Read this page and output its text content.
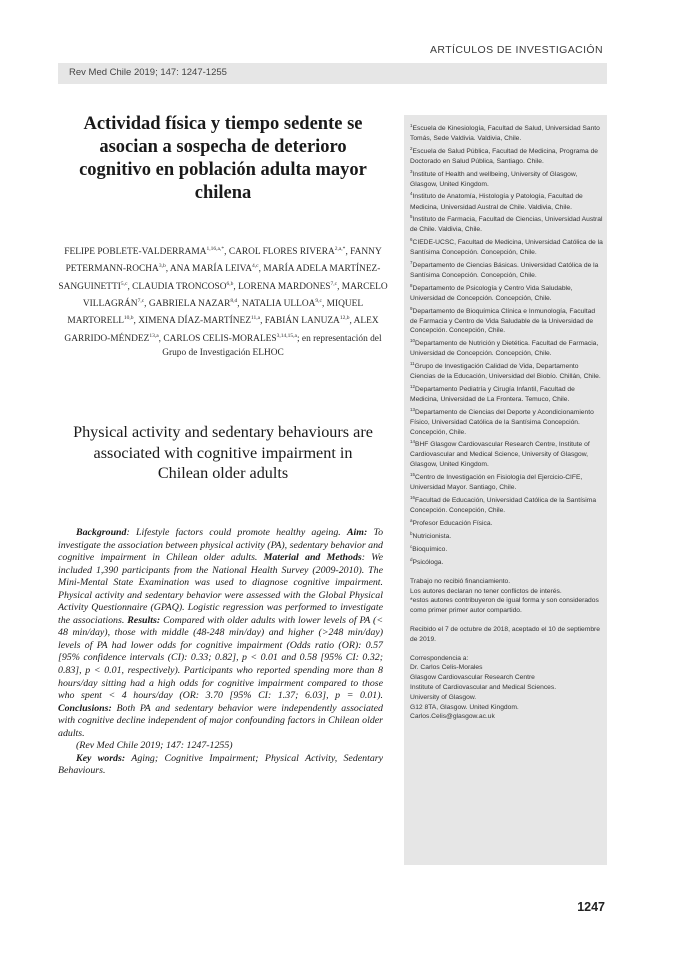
ARTÍCULOS DE INVESTIGACIÓN
Rev Med Chile 2019; 147: 1247-1255
Actividad física y tiempo sedente se asocian a sospecha de deterioro cognitivo en población adulta mayor chilena
FELIPE POBLETE-$VALDERRAMA^{1,16,a,*}$, CAROL FLORES $RIVERA^{2,a,*}$, FANNY PETERMANN-ROCHA$^{3,b}$, ANA MARÍA LEIVA$^{4,c}$, MARÍA ADELA MARTÍNEZ-SANGUINETTI$^{5,c}$, CLAUDIA TRONCOSO$^{6,b}$, LORENA MARDONES$^{7,c}$, MARCELO VILLAGRÁN$^{7,c}$, GABRIELA NAZAR$^{8,d}$, NATALIA ULLOA$^{9,c}$, MIQUEL MARTORELL$^{10,b}$, XIMENA DÍAZ-MARTÍNEZ$^{11,a}$, FABIÁN LANUZA$^{12,b}$, ALEX GARRIDO-MÉNDEZ$^{13,a}$, CARLOS CELIS-MORALES$^{3,14,15,a}$; en representación del Grupo de Investigación ELHOC
Physical activity and sedentary behaviours are associated with cognitive impairment in Chilean older adults

Background: Lifestyle factors could promote healthy ageing. Aim: To investigate the association between physical activity (PA), sedentary behavior and cognitive impairment in Chilean older adults. Material and Methods: We included 1,390 participants from the National Health Survey (2009-2010). The Mini-Mental State Examination was used to diagnose cognitive impairment. Physical activity and sedentary behavior were assessed with the Global Physical Activity Questionnaire (GPAQ). Logistic regression was performed to investigate the associations. Results: Compared with older adults with lower levels of PA (< 48 min/day), those with middle (48-248 min/day) and higher (>248 min/day) levels of PA had lower odds for cognitive impairment (Odds ratio (OR): 0.57 [95% confidence intervals (CI): 0.33; 0.82], p < 0.01 and 0.58 [95% CI: 0.32; 0.83], p < 0.01, respectively). Participants who reported spending more than 8 hours/day sitting had a high odds for cognitive impairment compared to those who spent < 4 hours/day (OR: 3.70 [95% CI: 1.37; 6.03], p = 0.01). Conclusions: Both PA and sedentary behavior were independently associated with cognitive decline independent of major confounding factors in Chilean older adults.

(Rev Med Chile 2019; 147: 1247-1255)

Key words: Aging; Cognitive Impairment; Physical Activity, Sedentary Behaviours.

$^1$Escuela de Kinesiología, Facultad de Salud, Universidad Santo Tomás, Sede Valdivia. Valdivia, Chile.

$^2$Escuela de Salud Pública, Facultad de Medicina, Programa de Doctorado en Salud Pública, Santiago. Chile.

$^3$Institute of Health and wellbeing, University of Glasgow, Glasgow, United Kingdom.

$^4$Instituto de Anatomía, Histología y Patología, Facultad de Medicina, Universidad Austral de Chile. Valdivia, Chile.

$^5$Instituto de Farmacia, Facultad de Ciencias, Universidad Austral de Chile. Valdivia, Chile.

$^6$CIEDE-UCSC, Facultad de Medicina, Universidad Católica de la Santísima Concepción. Concepción, Chile.

$^7$Departamento de Ciencias Básicas. Universidad Católica de la Santísima Concepción. Concepción, Chile.

$^8$Departamento de Psicología y Centro Vida Saludable, Universidad de Concepción. Concepción, Chile.

$^9$Departamento de Bioquímica Clínica e Inmunología, Facultad de Farmacia y Centro de Vida Saludable de la Universidad de Concepción. Concepción, Chile.

$^{10}$Departamento de Nutrición y Dietética. Facultad de Farmacia, Universidad de Concepción. Concepción, Chile.

$^{11}$Grupo de Investigación Calidad de Vida, Departamento Ciencias de la Educación, Universidad del Biobío. Chillán, Chile.

$^{12}$Departamento Pediatría y Cirugía Infantil, Facultad de Medicina, Universidad de La Frontera. Temuco, Chile.

$^{13}$Departamento de Ciencias del Deporte y Acondicionamiento Físico, Universidad Católica de la Santísima Concepción. Concepción, Chile.

$^{14}$BHF Glasgow Cardiovascular Research Centre, Institute of Cardiovascular and Medical Science, University of Glasgow, Glasgow, United Kingdom.

$^{15}$Centro de Investigación en Fisiología del Ejercicio-CIFE, Universidad Mayor. Santiago, Chile.

$^{16}$Facultad de Educación, Universidad Católica de la Santísima Concepción. Concepción, Chile.

$^a$Profesor Educación Física.

$^b$Nutricionista.

$^c$Bioquímico.

$^d$Psicóloga.

Trabajo no recibió financiamiento.

Los autores declaran no tener conflictos de interés.

*estos autores contribuyeron de igual forma y son considerados como primer primer autor compartido.

Recibido el 7 de octubre de 2018, aceptado el 10 de septiembre de 2019.

Correspondencia a:

Dr. Carlos Celis-Morales

Glasgow Cardiovascular Research Centre

Institute of Cardiovascular and Medical Sciences.

University of Glasgow.

G12 8TA, Glasgow. United Kingdom.

Carlos.Celis@glasgow.ac.uk

1247
